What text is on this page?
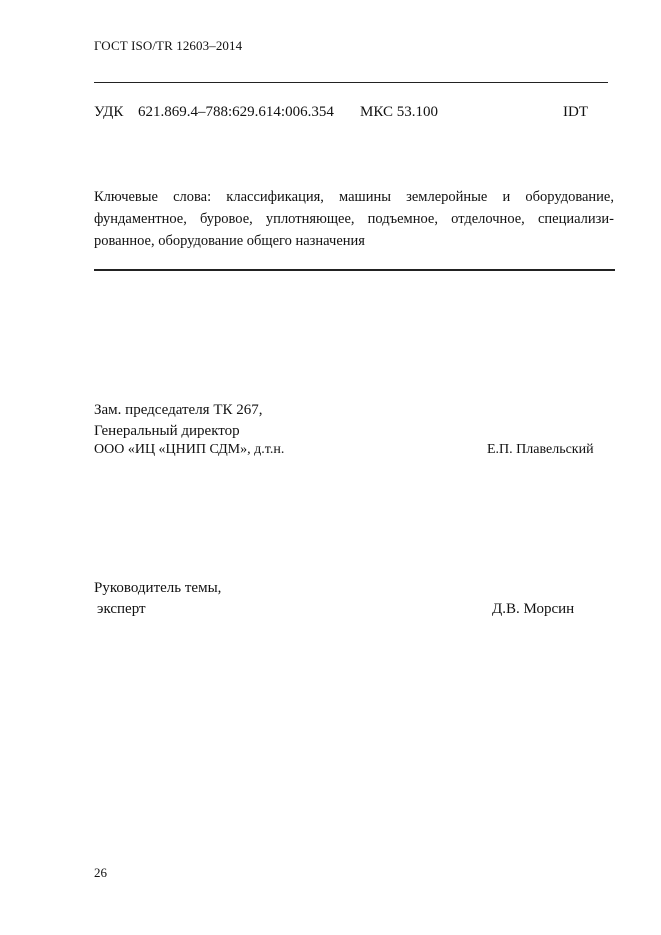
ГОСТ ISO/TR 12603–2014
УДК 621.869.4–788:629.614:006.354 МКС 53.100	IDT
Ключевые слова: классификация, машины землеройные и оборудование, фундаментное, буровое, уплотняющее, подъемное, отделочное, специализи-рованное, оборудование общего назначения
Зам. председателя ТК 267,
Генеральный директор
ООО «ИЦ «ЦНИП СДМ», д.т.н.	Е.П. Плавельский
Руководитель темы,
эксперт	Д.В. Морсин
26
